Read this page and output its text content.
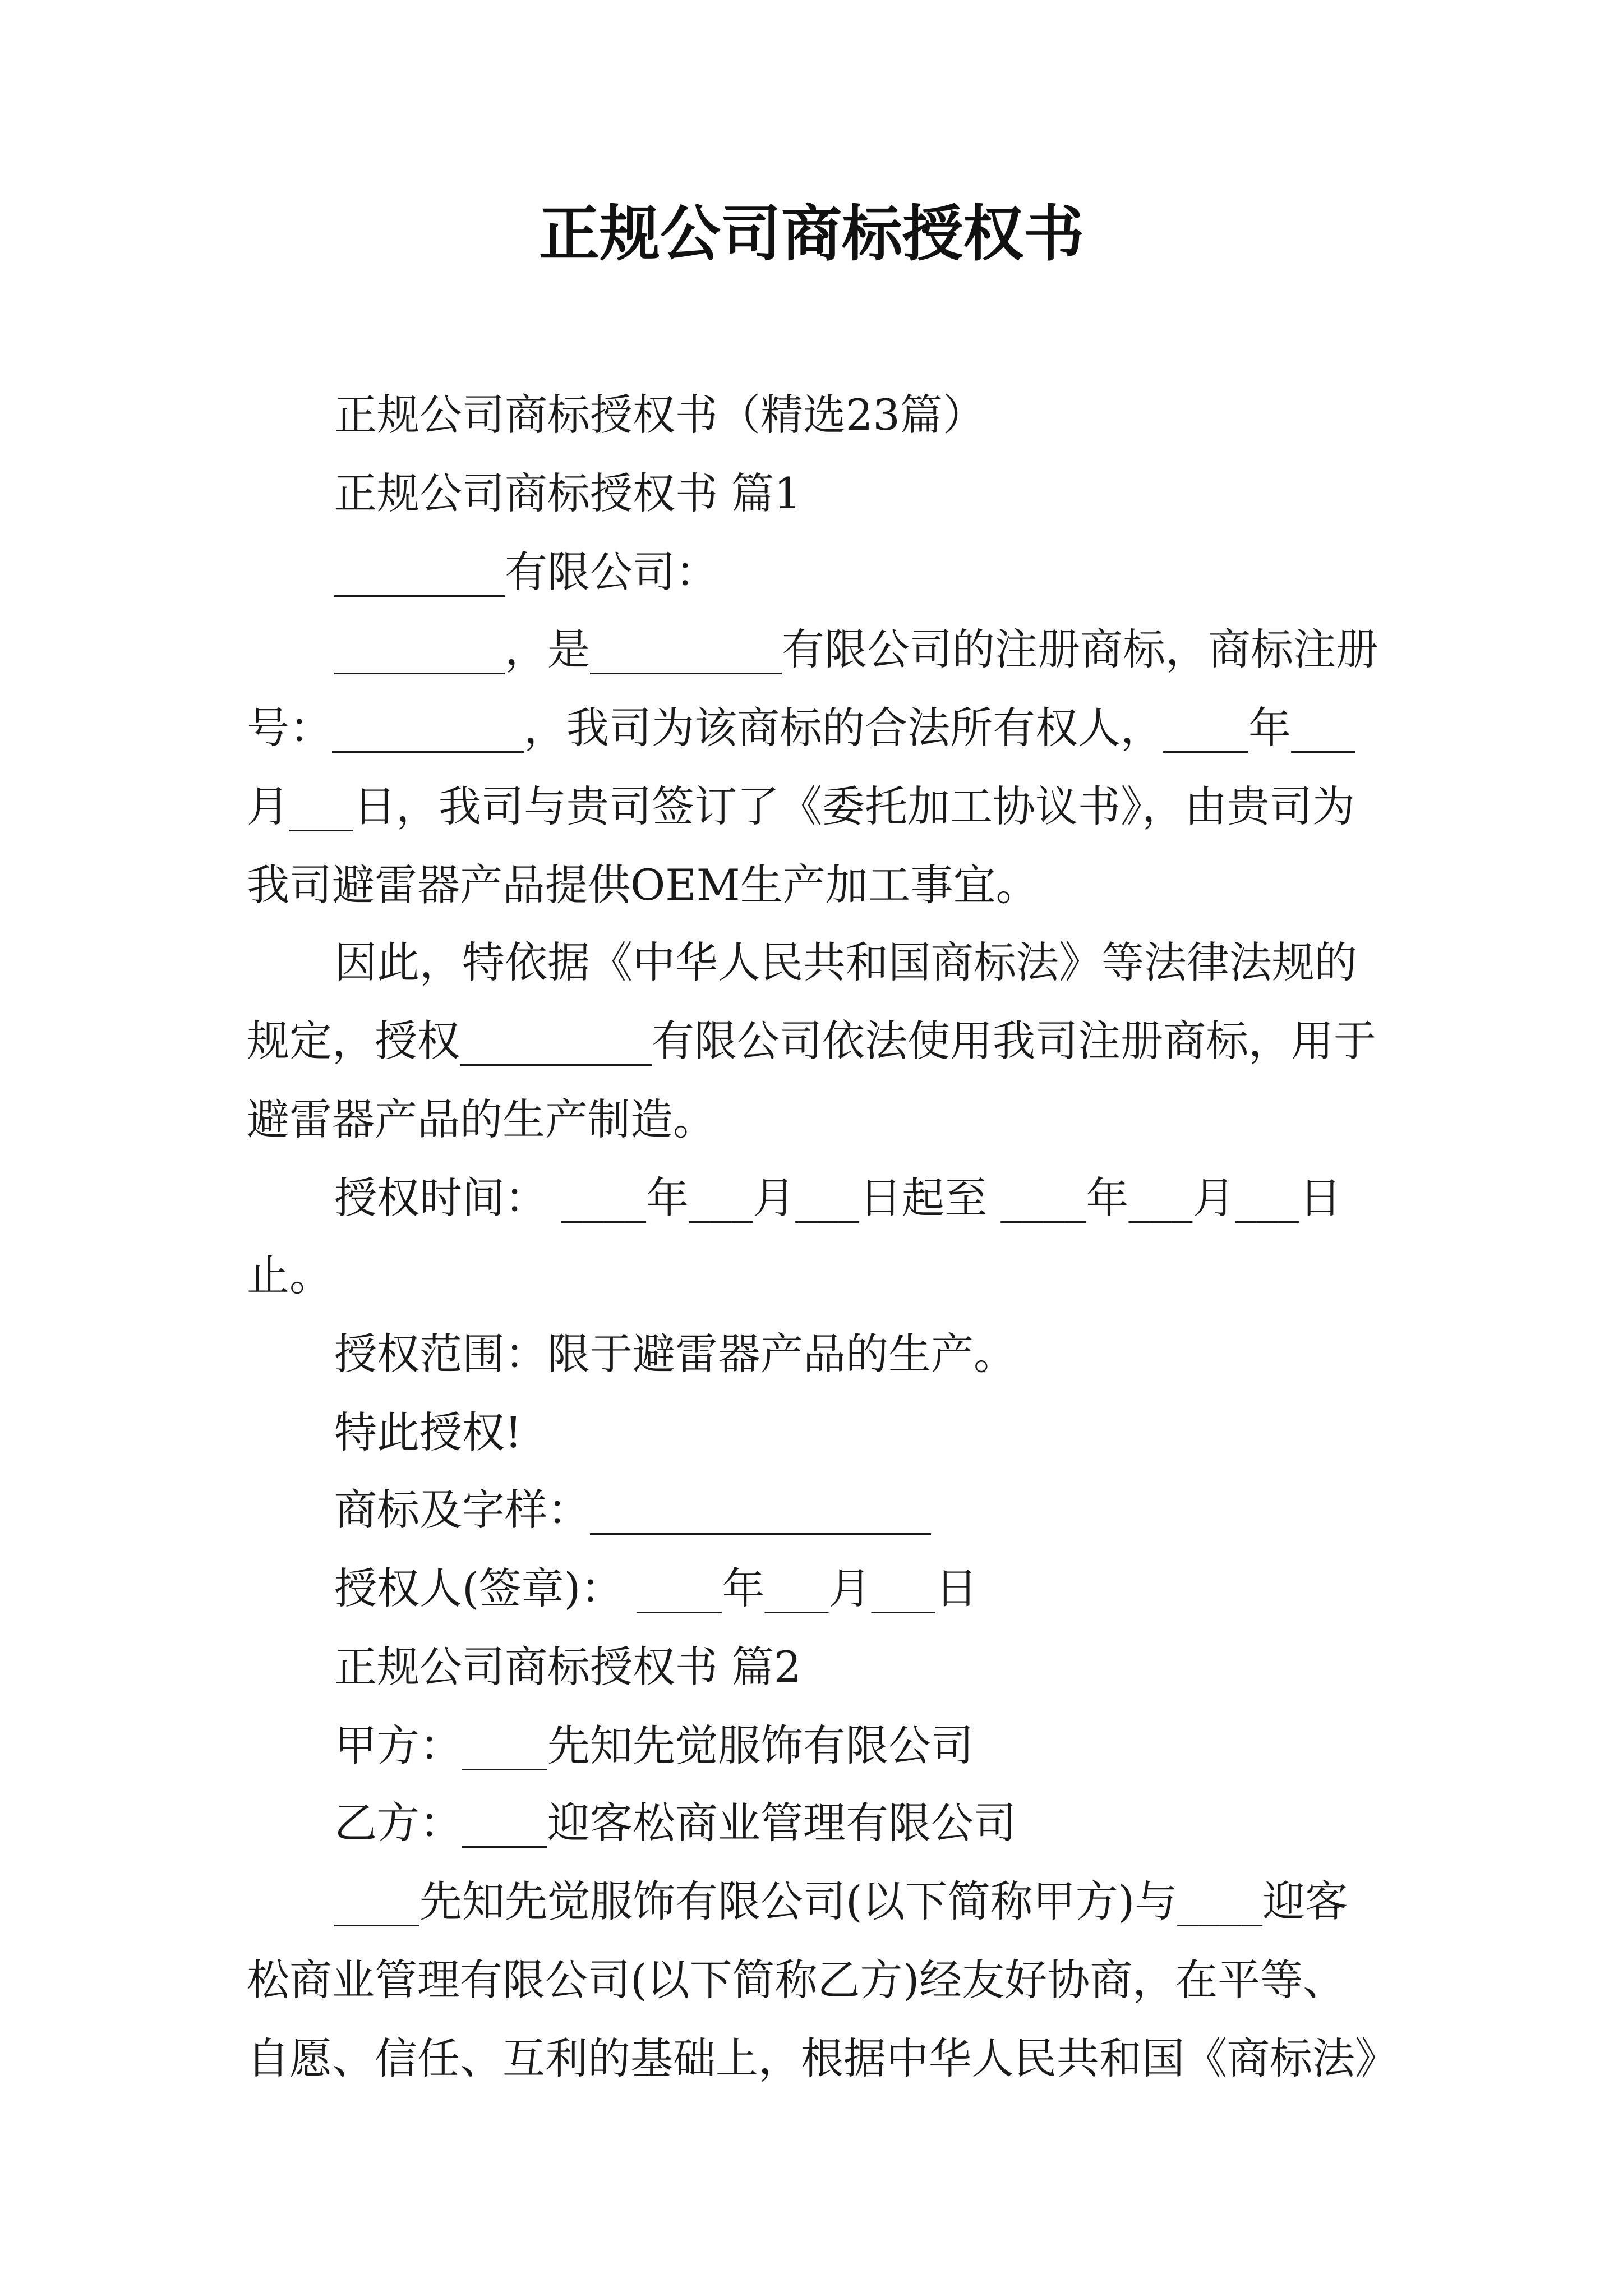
正规公司商标授权书

正规公司商标授权书（精选23篇）

正规公司商标授权书 篇1

________有限公司：

________，是_________有限公司的注册商标，商标注册

号：_________，我司为该商标的合法所有权人，____年___

月___日，我司与贵司签订了《委托加工协议书》，由贵司为

我司避雷器产品提供OEM生产加工事宜。

因此，特依据《中华人民共和国商标法》等法律法规的

规定，授权_________有限公司依法使用我司注册商标，用于

避雷器产品的生产制造。

授权时间： ____年___月___日起至 ____年___月___日

止。

授权范围：限于避雷器产品的生产。

特此授权!

商标及字样：________________

授权人(签章)： ____年___月___日

正规公司商标授权书 篇2

甲方：____先知先觉服饰有限公司

乙方：____迎客松商业管理有限公司

____先知先觉服饰有限公司(以下简称甲方)与____迎客

松商业管理有限公司(以下简称乙方)经友好协商，在平等、

自愿、信任、互利的基础上，根据中华人民共和国《商标法》
